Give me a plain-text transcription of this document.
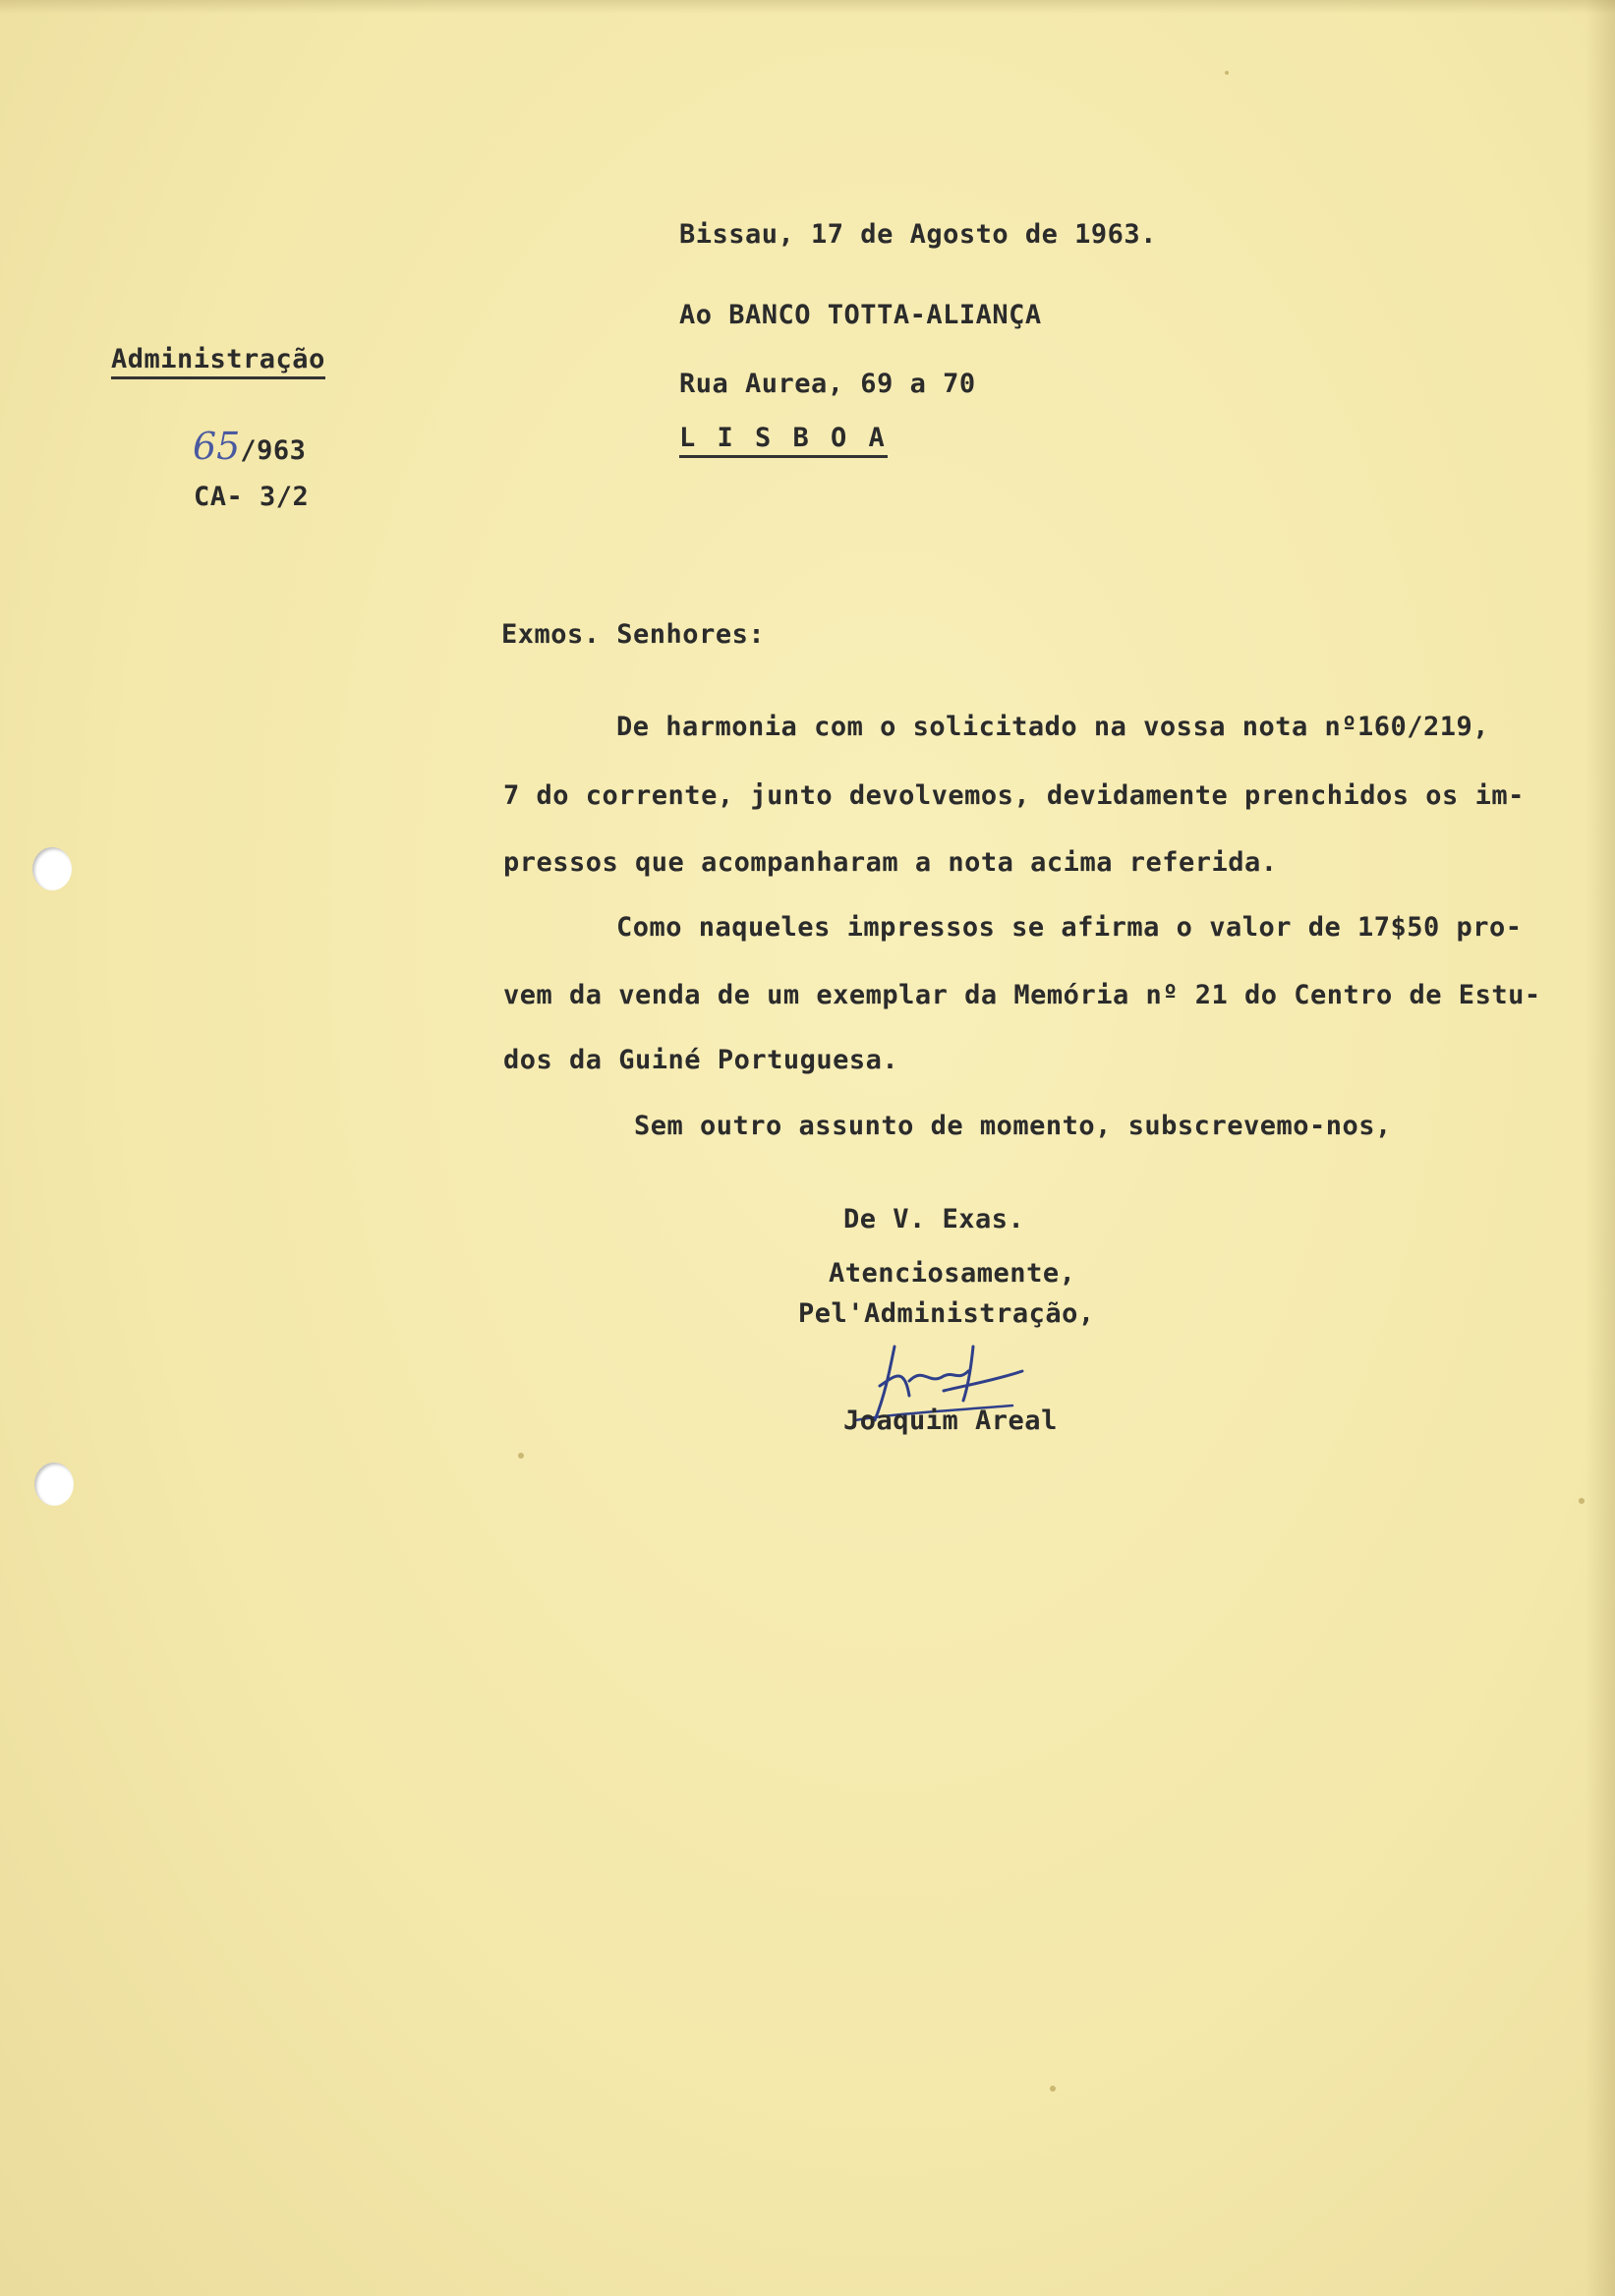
Administração
65/963
CA- 3/2
Bissau, 17 de Agosto de 1963.
Ao BANCO TOTTA-ALIANÇA
Rua Aurea, 69 a 70
L I S B O A
Exmos. Senhores:
De harmonia com o solicitado na vossa nota nº160/219,
7 do corrente, junto devolvemos, devidamente prenchidos os im-
pressos que acompanharam a nota acima referida.
Como naqueles impressos se afirma o valor de 17$50 pro-
vem da venda de um exemplar da Memória nº 21 do Centro de Estu-
dos da Guiné Portuguesa.
Sem outro assunto de momento, subscrevemo-nos,
De V. Exas.
Atenciosamente,
Pel'Administração,
Joaquim Areal
